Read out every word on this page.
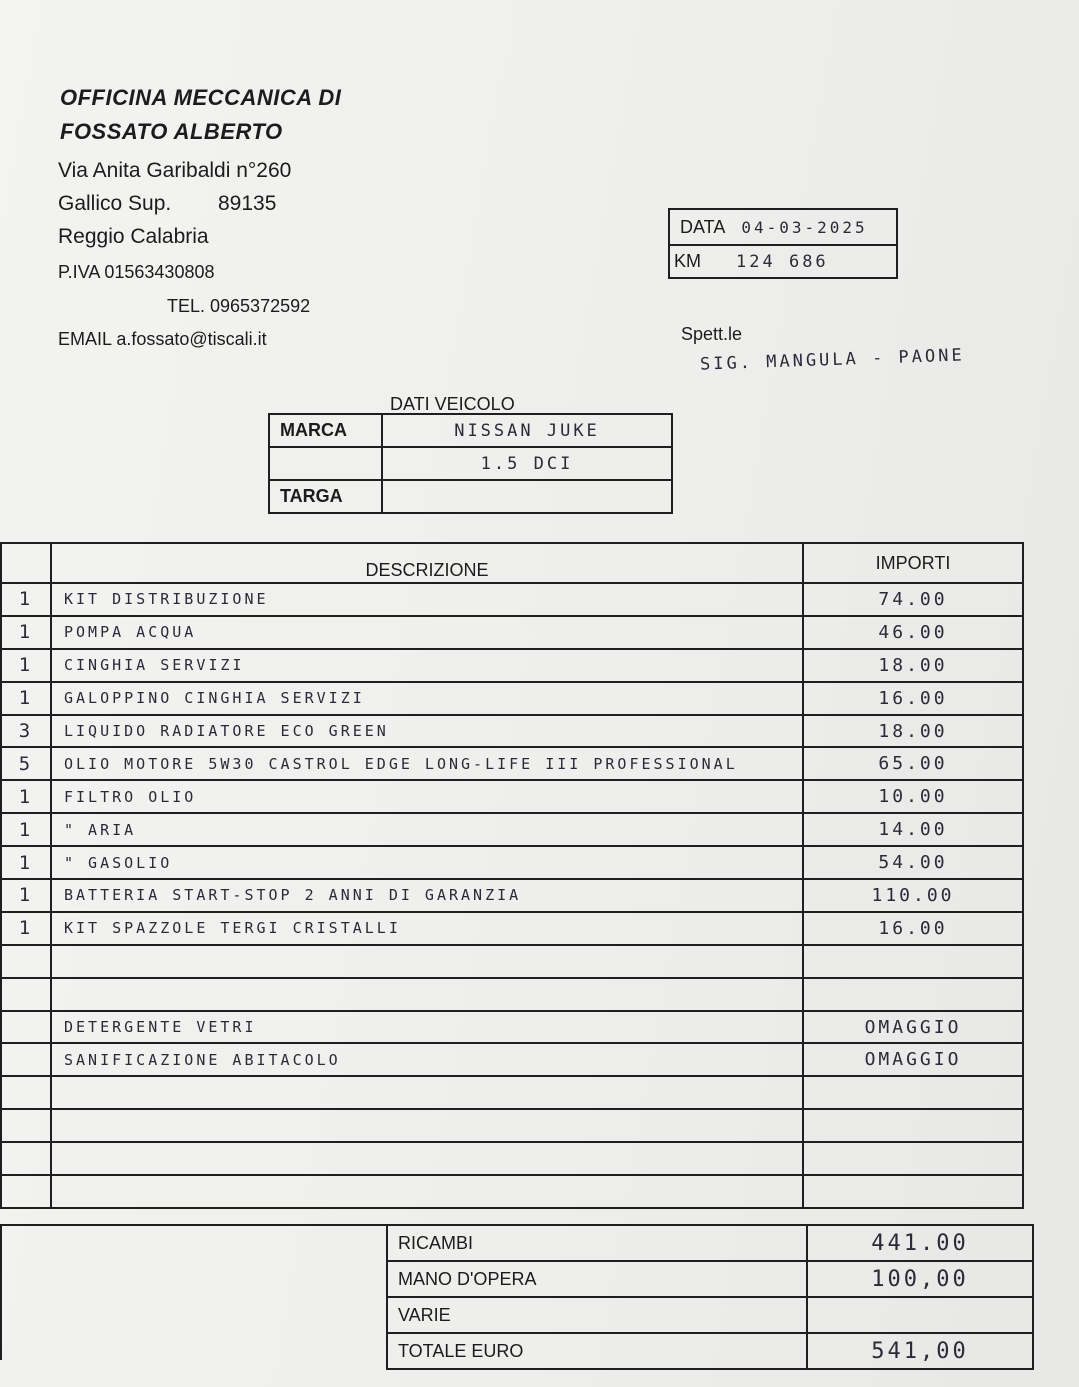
OFFICINA MECCANICA DI
FOSSATO ALBERTO
Via Anita Garibaldi n°260
Gallico Sup. 89135
Reggio Calabria
P.IVA 01563430808
TEL. 0965372592
EMAIL a.fossato@tiscali.it
DATA 04-03-2025
KM 124 686
Spett.le
SIG. MANGULA - PAONE
DATI VEICOLO
MARCA	NISSAN JUKE
	1.5 DCI
TARGA	
	DESCRIZIONE	IMPORTI
1	KIT DISTRIBUZIONE	74.00
1	POMPA ACQUA	46.00
1	CINGHIA SERVIZI	18.00
1	GALOPPINO CINGHIA SERVIZI	16.00
3	LIQUIDO RADIATORE ECO GREEN	18.00
5	OLIO MOTORE 5W30 CASTROL EDGE LONG-LIFE III PROFESSIONAL	65.00
1	FILTRO OLIO	10.00
1	" ARIA	14.00
1	" GASOLIO	54.00
1	BATTERIA START-STOP 2 ANNI DI GARANZIA	110.00
1	KIT SPAZZOLE TERGI CRISTALLI	16.00

	DETERGENTE VETRI	OMAGGIO
	SANIFICAZIONE ABITACOLO	OMAGGIO

RICAMBI	441.00
MANO D'OPERA	100,00
VARIE	
TOTALE EURO	541,00
